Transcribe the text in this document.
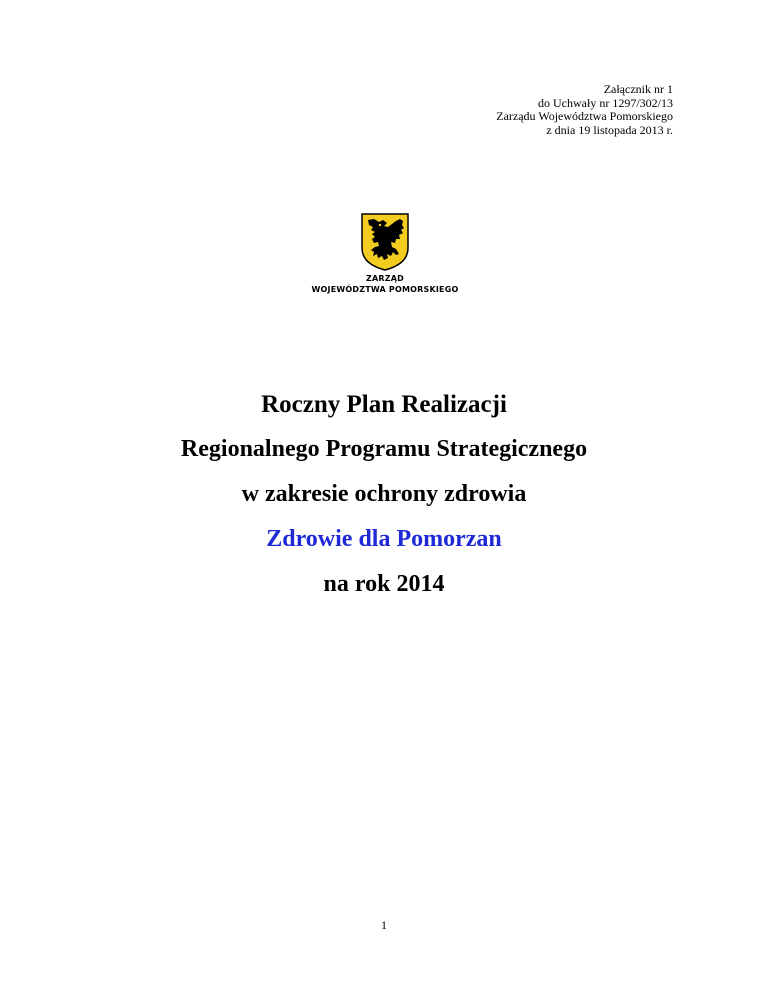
Załącznik nr 1
do Uchwały nr 1297/302/13
Zarządu Województwa Pomorskiego
z dnia 19 listopada 2013 r.
ZARZĄD
WOJEWÓDZTWA POMORSKIEGO
Roczny Plan Realizacji
Regionalnego Programu Strategicznego
w zakresie ochrony zdrowia
Zdrowie dla Pomorzan
na rok 2014
1
